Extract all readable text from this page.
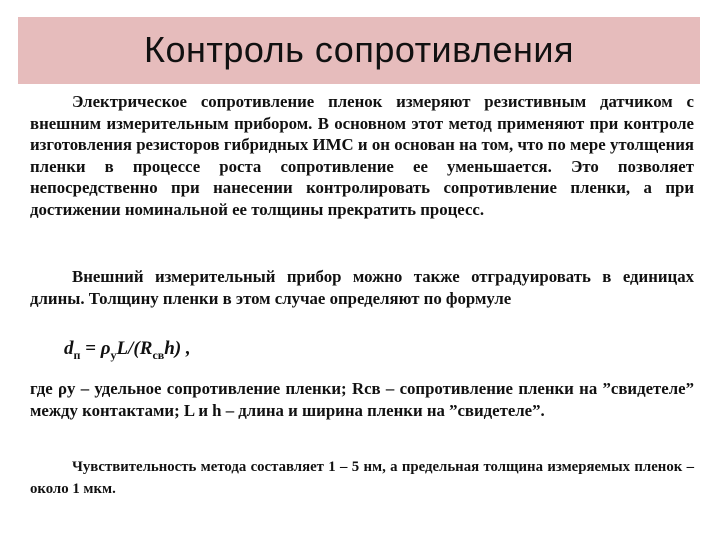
Контроль сопротивления

Электрическое сопротивление пленок измеряют резистивным датчиком с внешним измерительным прибором. В основном этот метод применяют при контроле изготовления резисторов гибридных ИМС и он основан на том, что по мере утолщения пленки в процессе роста сопротивление ее уменьшается. Это позволяет непосредственно при нанесении контролировать сопротивление пленки, а при достижении номинальной ее толщины прекратить процесс.

Внешний измерительный прибор можно также отградуировать в единицах длины. Толщину пленки в этом случае определяют по формуле

$d_п = \rho_уL/(R_{св}h)$ ,

где ρу – удельное сопротивление пленки; Rсв – сопротивление пленки на ”свидетеле” между контактами; L и h – длина и ширина пленки на ”свидетеле”.

Чувствительность метода составляет 1 – 5 нм, а предельная толщина измеряемых пленок – около 1 мкм.
